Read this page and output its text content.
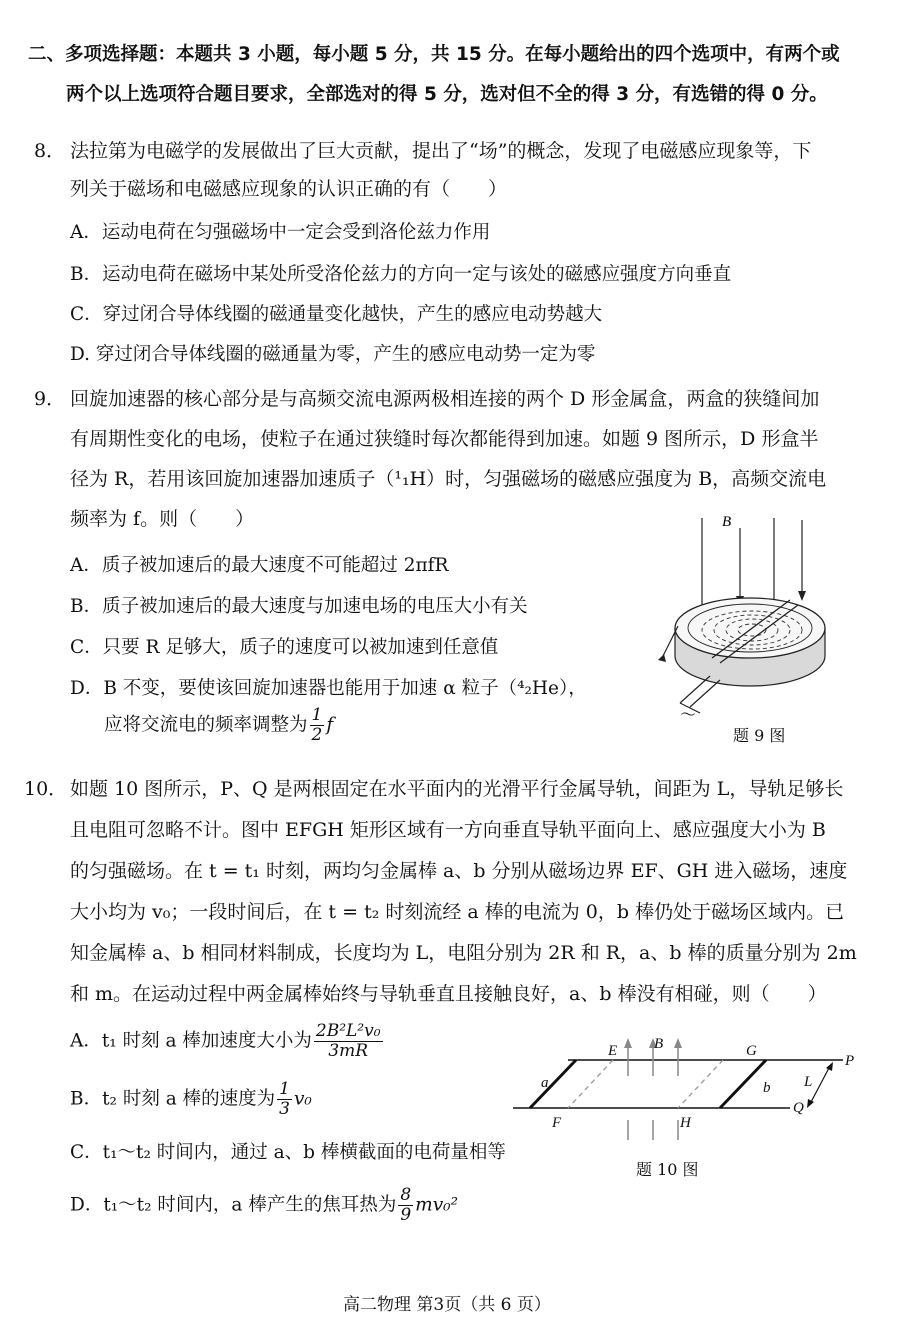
二、多项选择题：本题共 3 小题，每小题 5 分，共 15 分。在每小题给出的四个选项中，有两个或
两个以上选项符合题目要求，全部选对的得 5 分，选对但不全的得 3 分，有选错的得 0 分。
8． 法拉第为电磁学的发展做出了巨大贡献，提出了“场”的概念，发现了电磁感应现象等，下
列关于磁场和电磁感应现象的认识正确的有（　　）
A．运动电荷在匀强磁场中一定会受到洛伦兹力作用
B．运动电荷在磁场中某处所受洛伦兹力的方向一定与该处的磁感应强度方向垂直
C．穿过闭合导体线圈的磁通量变化越快，产生的感应电动势越大
D. 穿过闭合导体线圈的磁通量为零，产生的感应电动势一定为零
9． 回旋加速器的核心部分是与高频交流电源两极相连接的两个 D 形金属盒，两盒的狭缝间加
有周期性变化的电场，使粒子在通过狭缝时每次都能得到加速。如题 9 图所示，D 形盒半
径为 R，若用该回旋加速器加速质子（¹₁H）时，匀强磁场的磁感应强度为 B，高频交流电
频率为 f。则（　　）
A．质子被加速后的最大速度不可能超过 2πfR
B．质子被加速后的最大速度与加速电场的电压大小有关
C．只要 R 足够大，质子的速度可以被加速到任意值
D．B 不变，要使该回旋加速器也能用于加速 α 粒子（⁴₂He），
应将交流电的频率调整为 $\frac{1}{2}$ f
B
～
题 9 图
10． 如题 10 图所示，P、Q 是两根固定在水平面内的光滑平行金属导轨，间距为 L，导轨足够长
且电阻可忽略不计。图中 EFGH 矩形区域有一方向垂直导轨平面向上、感应强度大小为 B
的匀强磁场。在 t = t₁ 时刻，两均匀金属棒 a、b 分别从磁场边界 EF、GH 进入磁场，速度
大小均为 v₀；一段时间后，在 t = t₂ 时刻流经 a 棒的电流为 0，b 棒仍处于磁场区域内。已
知金属棒 a、b 相同材料制成，长度均为 L，电阻分别为 2R 和 R，a、b 棒的质量分别为 2m
和 m。在运动过程中两金属棒始终与导轨垂直且接触良好，a、b 棒没有相碰，则（　　）
A．t₁ 时刻 a 棒加速度大小为 $\frac{\text{2B²L²v₀}}{3mR}$
B．t₂ 时刻 a 棒的速度为 $\frac{1}{3} v_0$
C．t₁～t₂ 时间内，通过 a、b 棒横截面的电荷量相等
D．t₁～t₂ 时间内，a 棒产生的焦耳热为 $\frac{8}{9} mv_0^2$
E B	G
P
a	b L
Q
F	H
题 10 图
高二物理 第3页（共 6 页）
